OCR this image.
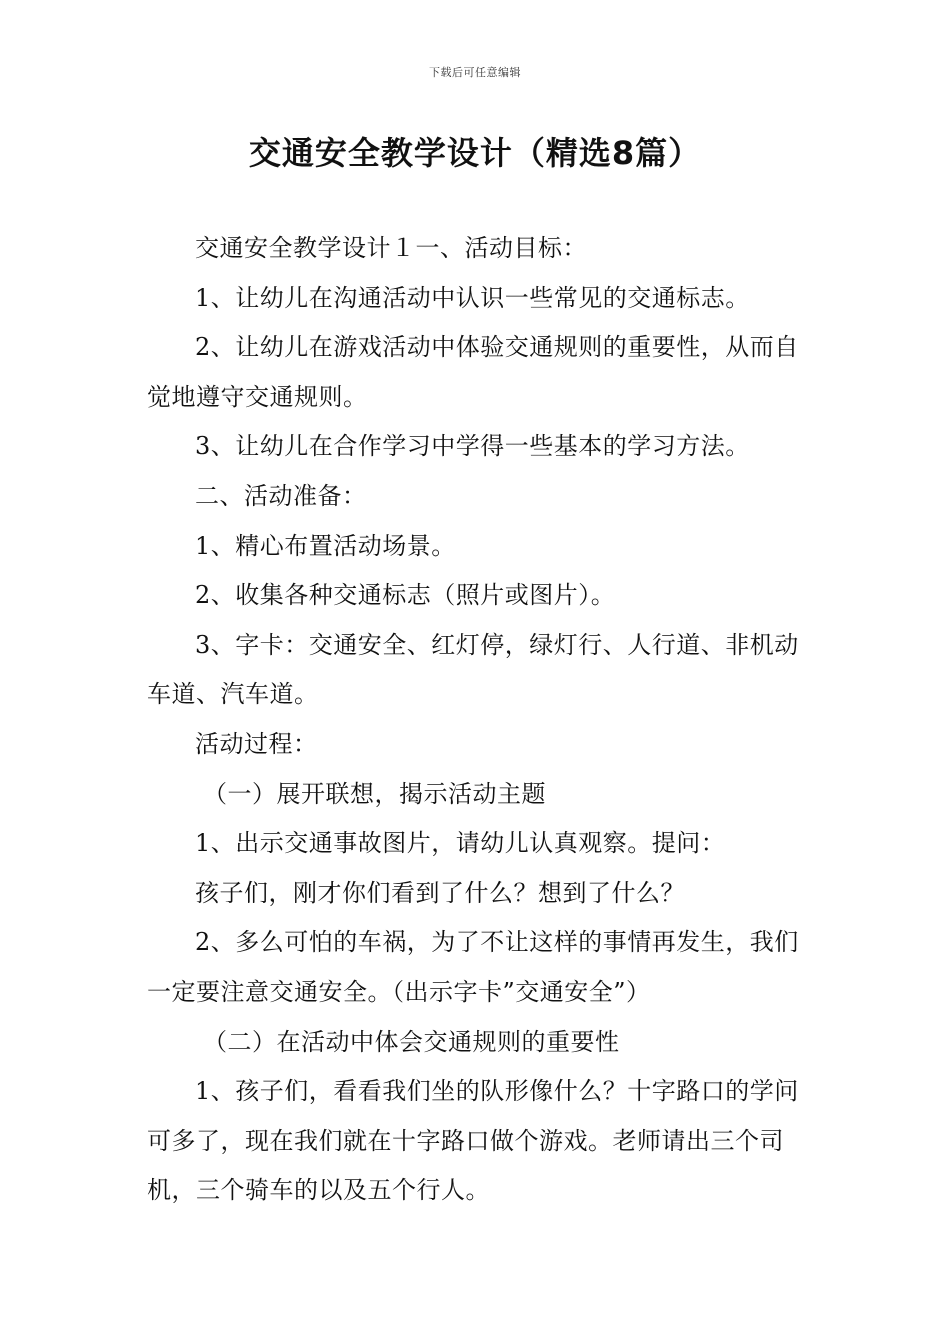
下载后可任意编辑
交通安全教学设计（精选8篇）

交通安全教学设计１一、活动目标：

1、让幼儿在沟通活动中认识一些常见的交通标志。

2、让幼儿在游戏活动中体验交通规则的重要性，从而自觉地遵守交通规则。

3、让幼儿在合作学习中学得一些基本的学习方法。

二、活动准备：

1、精心布置活动场景。

2、收集各种交通标志（照片或图片）。

3、字卡：交通安全、红灯停，绿灯行、人行道、非机动车道、汽车道。

活动过程：

（一）展开联想，揭示活动主题

1、出示交通事故图片，请幼儿认真观察。提问：

孩子们，刚才你们看到了什么？想到了什么？

2、多么可怕的车祸，为了不让这样的事情再发生，我们一定要注意交通安全。（出示字卡”交通安全”）

（二）在活动中体会交通规则的重要性

1、孩子们，看看我们坐的队形像什么？十字路口的学问可多了，现在我们就在十字路口做个游戏。老师请出三个司机，三个骑车的以及五个行人。
